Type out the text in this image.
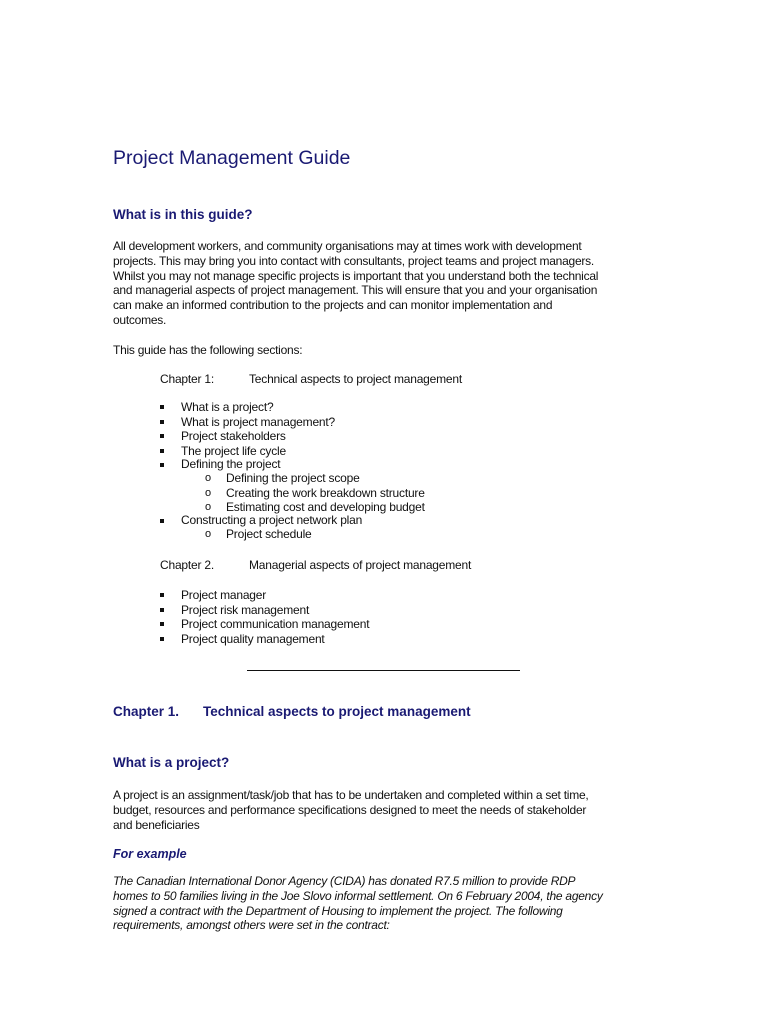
Project Management Guide
What is in this guide?
All development workers, and community organisations may at times work with development
projects. This may bring you into contact with consultants, project teams and project managers.
Whilst you may not manage specific projects is important that you understand both the technical
and managerial aspects of project management. This will ensure that you and your organisation
can make an informed contribution to the projects and can monitor implementation and
outcomes.
This guide has the following sections:
Chapter 1:	Technical aspects to project management
What is a project?
What is project management?
Project stakeholders
The project life cycle
Defining the project
o Defining the project scope
o Creating the work breakdown structure
o Estimating cost and developing budget
Constructing a project network plan
o Project schedule
Chapter 2.	Managerial aspects of project management
Project manager
Project risk management
Project communication management
Project quality management
Chapter 1. Technical aspects to project management
What is a project?
A project is an assignment/task/job that has to be undertaken and completed within a set time,
budget, resources and performance specifications designed to meet the needs of stakeholder
and beneficiaries
For example
The Canadian International Donor Agency (CIDA) has donated R7.5 million to provide RDP
homes to 50 families living in the Joe Slovo informal settlement. On 6 February 2004, the agency
signed a contract with the Department of Housing to implement the project. The following
requirements, amongst others were set in the contract:
